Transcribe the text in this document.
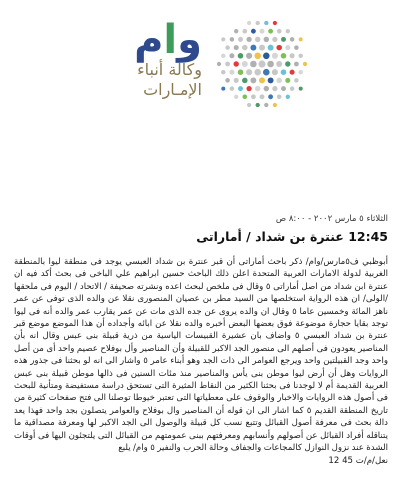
وام
وكالة أنباء
الإمـارات
الثلاثاء ٥ مارس ٢٠٠٢ - ٨:٠٠ ص
12:45 عنترة بن شداد / أماراتى

أبوظبي ف٥مارس/وام/ ذكر باحث أماراتى أن قبر عنترة بن شداد العبسي يوجد فى منطقة ليوا بالمنطقة الغربية لدولة الامارات العربية المتحدة اعلن ذلك الباحث حسين ابراهيم علي الباخى فى بحث أكد فيه ان عنترة ابن شداد من اصل أماراتى ٥ وقال فى ملخص لبحث اعده ونشرته صحيفة / الاتحاد / اليوم فى ملحقها /الولى/ ان هذه الرواية استخلصها من السيد مطر بن عصيان المنصورى نقلا عن والده الذى توفى عن عمر ناهز المائة وخمسين عاما ٥ وقال ان والده يروى عن جده الذى مات عن عمر يقارب عمر والده أنه فى ليوا توجد بقايا حجارة موضوعة فوق بعضها البعض أخبره والده نقلا عن ابائه وأجداده أن هذا الموضع موضع قبر عنترة بن شداد العبسي ٥ واضاف بان عشيرة القبيسات الياسية من ذرية قبيلة بنى عبس وقال انه بأن المناصير يعودون فى أصلهم الى منصور الجد الاكبر للقبيلة وأن المناصير وأل بوفلاح عصيم واحد أى من أصل واحد وجد القبيلتين واحد ويرجع العوامر الى ذات الجد وهو أبناء عامر ٥ واشار الى انه لو بحثنا فى جذور هذه الروايات وهل أن أرض ليوا موطن بنى يأس والمناصير منذ مئات السنين فى ذالها موطن قبيلة بنى عبس العربية القديمة أم لا لوجدنا فى بحثنا الكثير من النقاط المثيرة التى تستحق دراسة مستفيضة ومتأنية للبحث فى أصول هذه الروايات والاخبار والوقوف على معطياتها التى تعتبر خيوطا توصلنا الى فتح صفحات كثيرة من تاريخ المنطقة القديم ٥ كما اشار الى ان قوله أن المناصير وال بوفلاح والعوامر يتصلون بجد واحد فهذا يعد دالة بحث فى معرفة أصول القبائل وتتبع نسب كل قبيلة والوصول الى الجد الاكبر لها ومعرفة مصداقية ما يتناقله أفراد القبائل عن أصولهم وأنسابهم ومعرفتهم ببنى عمومتهم من القبائل التى يلتجئون اليها فى أوقات الشدة عند نزول النوازل كالمجاعات والجفاف وحالة الحرب والنفير ٥ وام/ يلبع

نعل/م/ت 45 12
